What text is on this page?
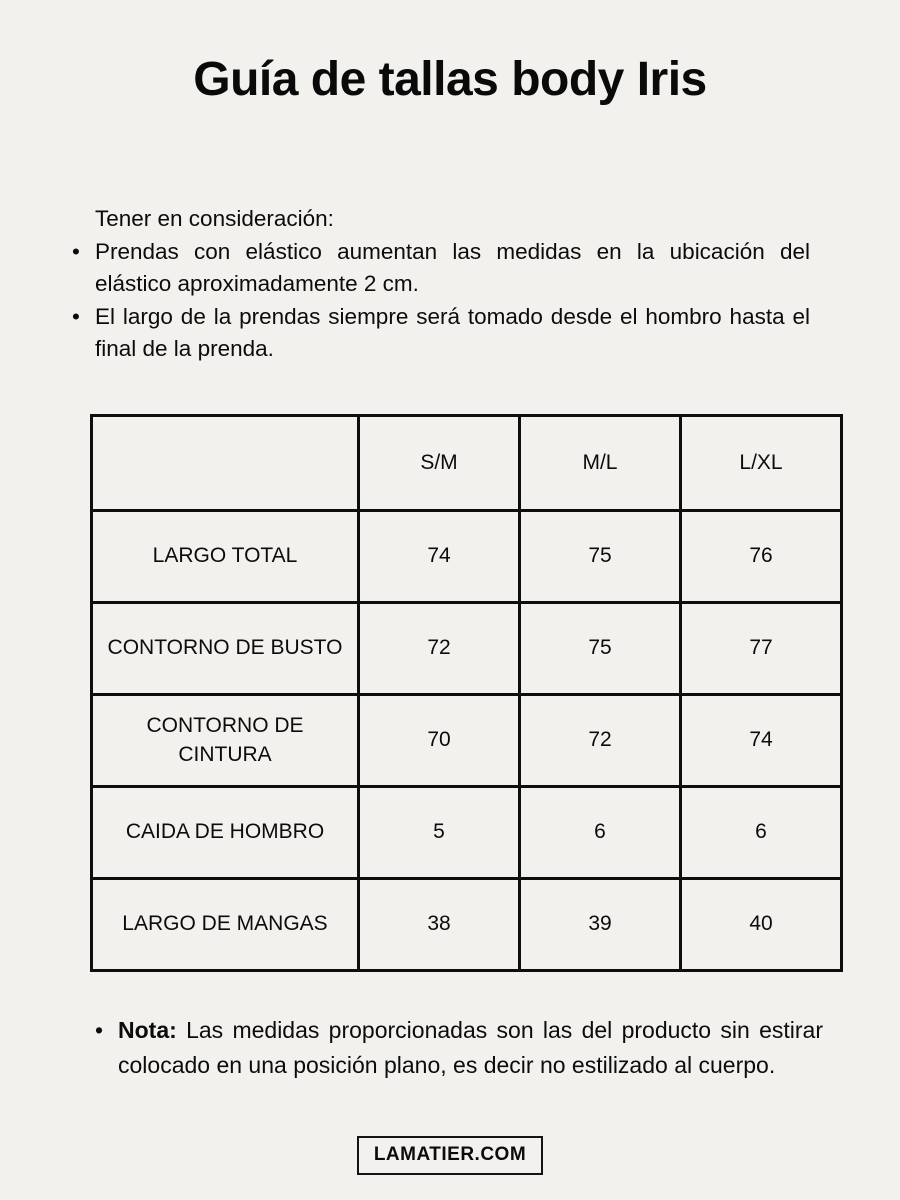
Guía de tallas body Iris
Tener en consideración:
• Prendas con elástico aumentan las medidas en la ubicación del elástico aproximadamente 2 cm.
• El largo de la prendas siempre será tomado desde el hombro hasta el final de la prenda.
	S/M	M/L	L/XL
LARGO TOTAL	74	75	76
CONTORNO DE BUSTO	72	75	77
CONTORNO DE CINTURA	70	72	74
CAIDA DE HOMBRO	5	6	6
LARGO DE MANGAS	38	39	40
• Nota: Las medidas proporcionadas son las del producto sin estirar colocado en una posición plano, es decir no estilizado al cuerpo.
LAMATIER.COM
